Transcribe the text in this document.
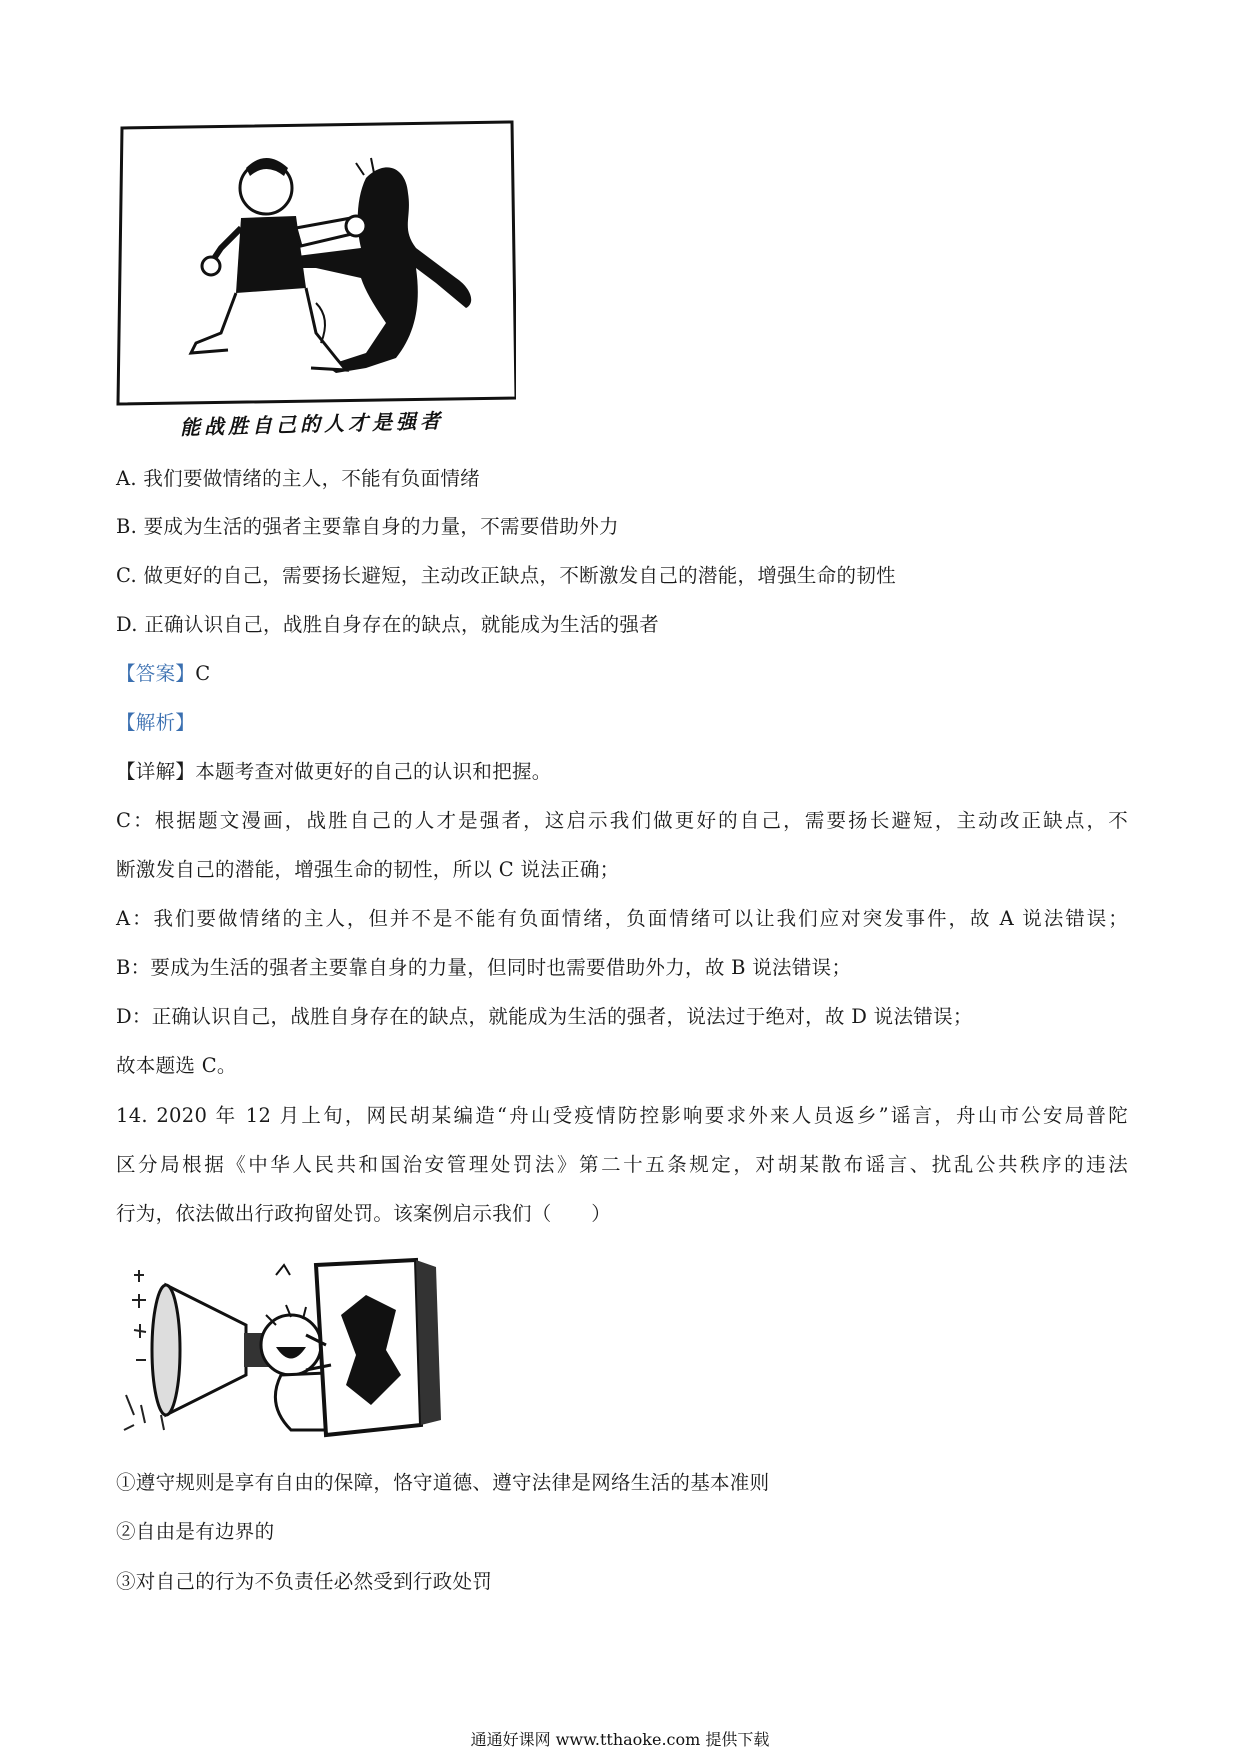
能战胜自己的人才是强者
A. 我们要做情绪的主人，不能有负面情绪
B. 要成为生活的强者主要靠自身的力量，不需要借助外力
C. 做更好的自己，需要扬长避短，主动改正缺点，不断激发自己的潜能，增强生命的韧性
D. 正确认识自己，战胜自身存在的缺点，就能成为生活的强者
【答案】C
【解析】
【详解】本题考查对做更好的自己的认识和把握。
C：根据题文漫画，战胜自己的人才是强者，这启示我们做更好的自己，需要扬长避短，主动改正缺点，不
断激发自己的潜能，增强生命的韧性，所以 C 说法正确；
A：我们要做情绪的主人，但并不是不能有负面情绪，负面情绪可以让我们应对突发事件，故 A 说法错误；
B：要成为生活的强者主要靠自身的力量，但同时也需要借助外力，故 B 说法错误；
D：正确认识自己，战胜自身存在的缺点，就能成为生活的强者，说法过于绝对，故 D 说法错误；
故本题选 C。
14. 2020 年 12 月上旬，网民胡某编造“舟山受疫情防控影响要求外来人员返乡”谣言，舟山市公安局普陀
区分局根据《中华人民共和国治安管理处罚法》第二十五条规定，对胡某散布谣言、扰乱公共秩序的违法
行为，依法做出行政拘留处罚。该案例启示我们（　　）
①遵守规则是享有自由的保障，恪守道德、遵守法律是网络生活的基本准则
②自由是有边界的
③对自己的行为不负责任必然受到行政处罚
通通好课网 www.tthaoke.com 提供下载
